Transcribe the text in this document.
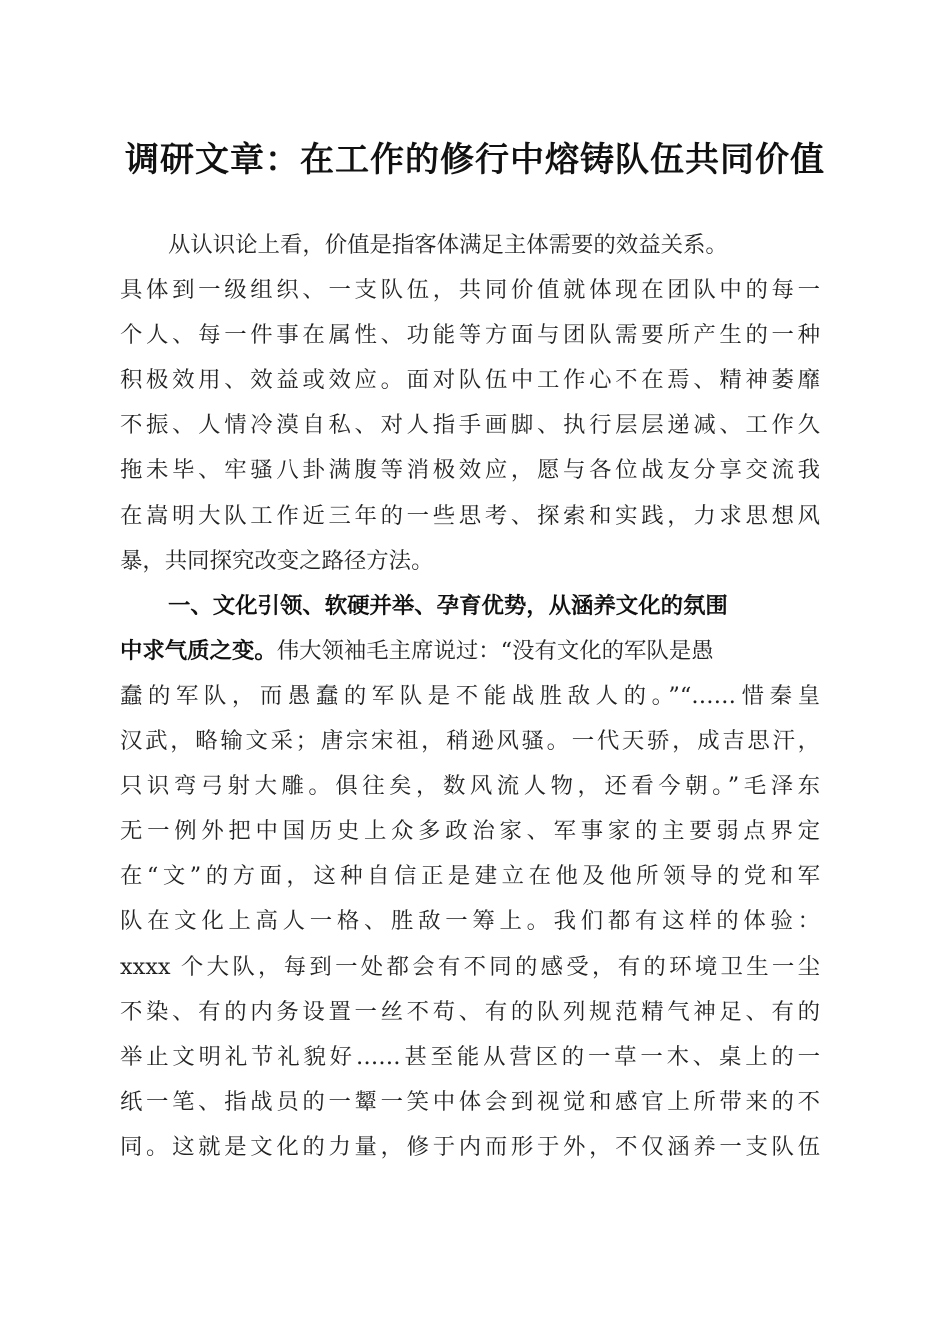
调研文章：在工作的修行中熔铸队伍共同价值
从认识论上看，价值是指客体满足主体需要的效益关系。
具体到一级组织、一支队伍，共同价值就体现在团队中的每一
个人、每一件事在属性、功能等方面与团队需要所产生的一种
积极效用、效益或效应。面对队伍中工作心不在焉、精神萎靡
不振、人情冷漠自私、对人指手画脚、执行层层递减、工作久
拖未毕、牢骚八卦满腹等消极效应，愿与各位战友分享交流我
在嵩明大队工作近三年的一些思考、探索和实践，力求思想风
暴，共同探究改变之路径方法。
一、文化引领、软硬并举、孕育优势，从涵养文化的氛围
中求气质之变。伟大领袖毛主席说过：“没有文化的军队是愚
蠢的军队，而愚蠢的军队是不能战胜敌人的。”“……惜秦皇
汉武，略输文采；唐宗宋祖，稍逊风骚。一代天骄，成吉思汗，
只识弯弓射大雕。俱往矣，数风流人物，还看今朝。”毛泽东
无一例外把中国历史上众多政治家、军事家的主要弱点界定
在“文”的方面，这种自信正是建立在他及他所领导的党和军
队在文化上高人一格、胜敌一筹上。我们都有这样的体验：
xxxx 个大队，每到一处都会有不同的感受，有的环境卫生一尘
不染、有的内务设置一丝不苟、有的队列规范精气神足、有的
举止文明礼节礼貌好……甚至能从营区的一草一木、桌上的一
纸一笔、指战员的一颦一笑中体会到视觉和感官上所带来的不
同。这就是文化的力量，修于内而形于外，不仅涵养一支队伍
